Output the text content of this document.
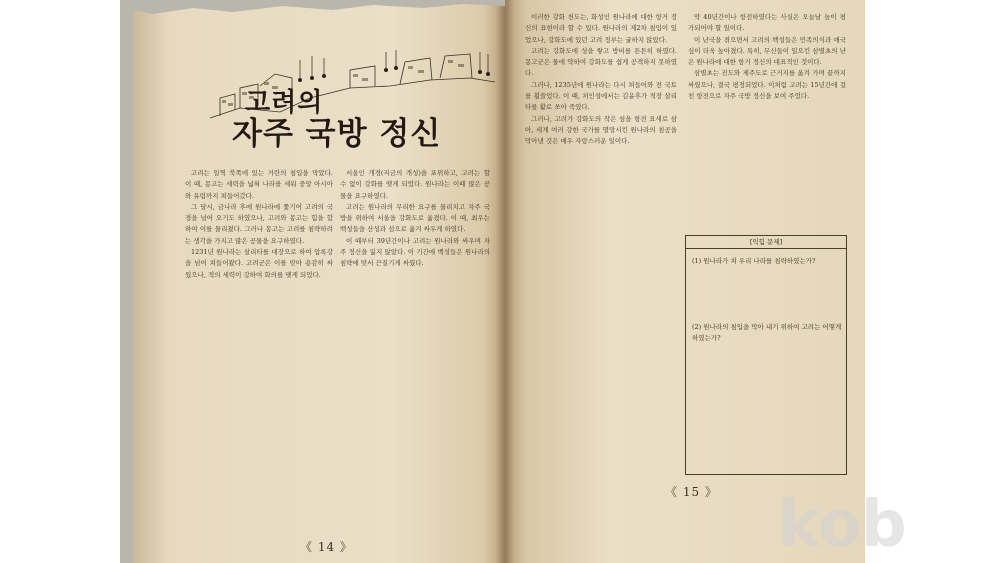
고려의
자주 국방 정신

고려는 일찍 북쪽에 있는 거란의 침입을 막았다. 이 때, 몽고는 세력을 넓혀 나라를 세워 중앙 아시아와 유럽까지 쳐들어갔다.

그 당시, 금나라 후에 원나라에 쫓기어 고려의 국경을 넘어 오기도 하였으나, 고려와 몽고는 힘을 합하여 이를 물리쳤다. 그러나 몽고는 고려를 침략하려는 생각을 가지고 많은 공물을 요구하였다.

1231년 원나라는 살리타를 대장으로 하여 압록강을 넘어 쳐들어왔다. 고려군은 이를 맞아 용감히 싸웠으나, 적의 세력이 강하여 화의를 맺게 되었다.

서울인 개경(지금의 개성)을 포위하고, 고려는 할 수 없이 강화를 맺게 되었다. 원나라는 이때 많은 공물을 요구하였다.

고려는 원나라의 무리한 요구를 물리치고 자주 국방을 위하여 서울을 강화도로 옮겼다. 이 때, 최우는 백성들을 산성과 섬으로 옮겨 싸우게 하였다.

이 때부터 39년간이나 고려는 원나라와 싸우며 자주 정신을 잃지 않았다. 이 기간에 백성들은 원나라의 침략에 맞서 끈질기게 싸웠다.

《 14 》

이러한 강화 천도는, 화성인 원나라에 대한 항거 정신의 표현이라 할 수 있다. 원나라의 제2차 침입이 있었으나, 강화도에 있던 고려 정부는 굴하지 않았다.

고려는 강화도에 성을 쌓고 방비를 튼튼히 하였다. 몽고군은 물에 약하여 강화도를 쉽게 공격하지 못하였다.

그러나, 1235년에 원나라는 다시 쳐들어와 전 국토를 휩쓸었다. 이 때, 처인성에서는 김윤후가 적장 살리타를 활로 쏘아 죽였다.

그러나, 고려가 강화도의 작은 섬을 항전 요새로 삼아, 세계 여러 강한 국가를 멸망시킨 원나라의 침공을 막아낸 것은 매우 자랑스러운 일이다.

약 40년간이나 항전하였다는 사실은 오늘날 높이 평가되어야 할 일이다.

이 난국을 겪으면서 고려의 백성들은 민족의식과 애국심이 더욱 높아졌다. 특히, 무신들이 일으킨 삼별초의 난은 원나라에 대한 항거 정신의 대표적인 것이다.

삼별초는 진도와 제주도로 근거지를 옮겨 가며 끝까지 싸웠으나, 결국 평정되었다. 이처럼 고려는 15년간에 걸친 항전으로 자주 국방 정신을 보여 주었다.

[익힘 문제]
(1) 원나라가 쳐 우리 나라를 침략하였는가?
(2) 원나라의 침입을 막아 내기 위하여 고려는 어떻게 하였는가?
《 15 》 kob
